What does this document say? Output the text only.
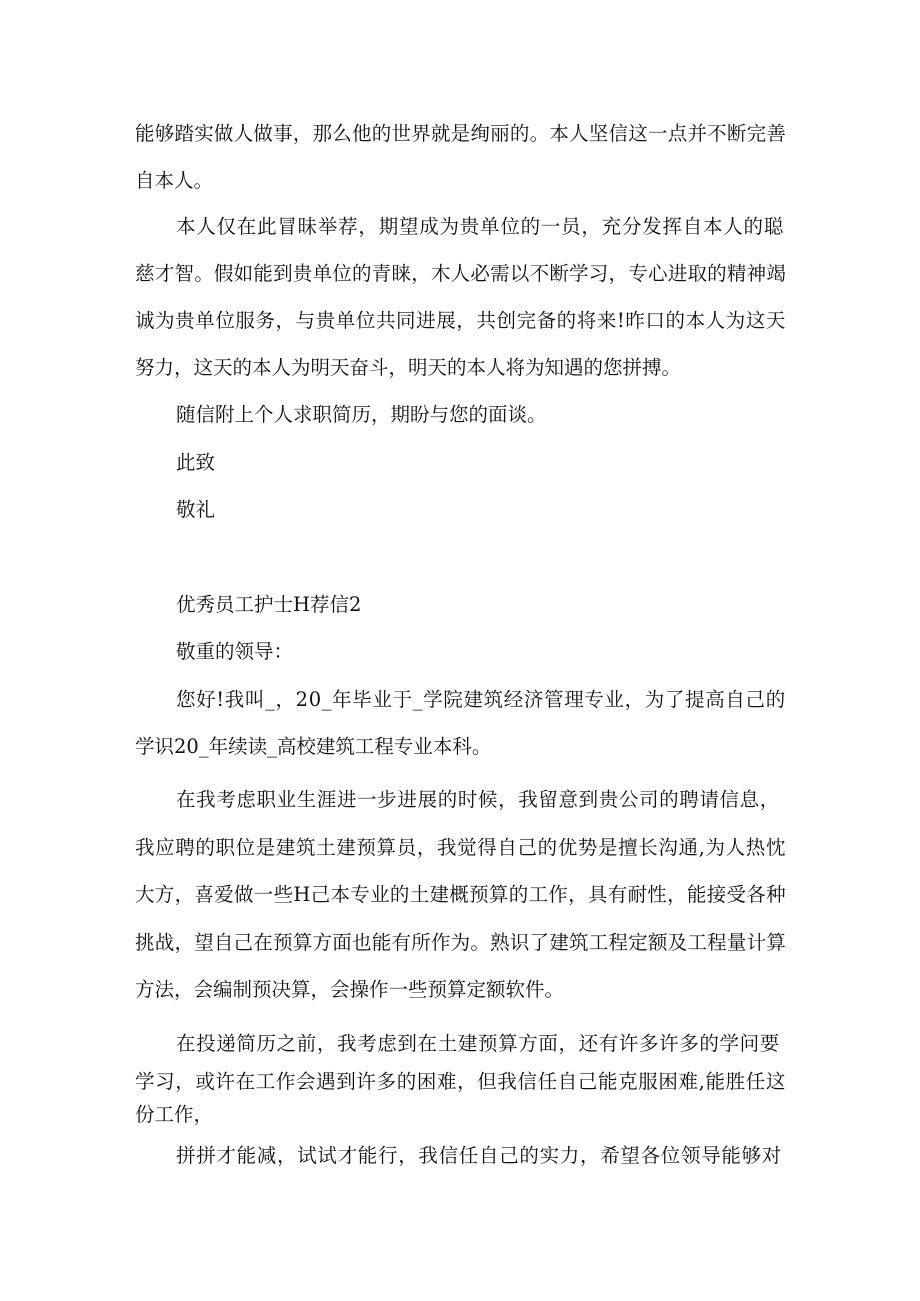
能够踏实做人做事，那么他的世界就是绚丽的。本人坚信这一点并不断完善
自本人。
本人仅在此冒昧举荐，期望成为贵单位的一员，充分发挥自本人的聪
慈才智。假如能到贵单位的青睐，木人必需以不断学习，专心进取的精神竭
诚为贵单位服务，与贵单位共同进展，共创完备的将来!昨口的本人为这天
努力，这天的本人为明天奋斗，明天的本人将为知遇的您拼搏。
随信附上个人求职简历，期盼与您的面谈。
此致
敬礼
优秀员工护士H荐信2
敬重的领导：
您好!我叫_，20_年毕业于_学院建筑经济管理专业，为了提高自己的
学识20_年续读_高校建筑工程专业本科。
在我考虑职业生涯进一步进展的时候，我留意到贵公司的聘请信息，
我应聘的职位是建筑土建预算员，我觉得自己的优势是擅长沟通,为人热忱
大方，喜爱做一些H己本专业的土建概预算的工作，具有耐性，能接受各种
挑战，望自己在预算方面也能有所作为。熟识了建筑工程定额及工程量计算
方法，会编制预决算，会操作一些预算定额软件。
在投递简历之前，我考虑到在土建预算方面，还有许多许多的学问要
学习，或许在工作会遇到许多的困难，但我信任自己能克服困难,能胜任这
份工作，
拼拼才能减，试试才能行，我信任自己的实力，希望各位领导能够对
